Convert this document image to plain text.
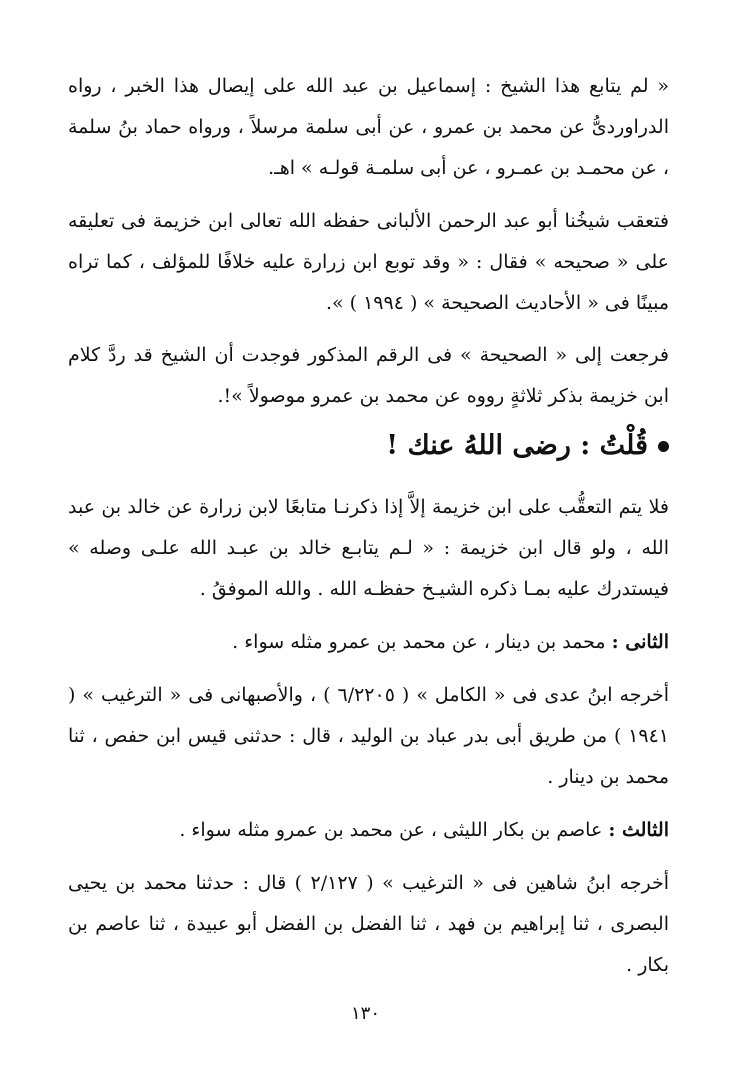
« لم يتابع هذا الشيخ : إسماعيل بن عبد الله على إيصال هذا الخبر ، رواه الدراوردىُّ عن محمد بن عمرو ، عن أبى سلمة مرسلاً ، ورواه حماد بنُ سلمة ، عن محمـد بن عمـرو ، عن أبى سلمـة قولـه » اهـ.

فتعقب شيخُنا أبو عبد الرحمن الألبانى حفظه الله تعالى ابن خزيمة فى تعليقه على « صحيحه » فقال : « وقد توبع ابن زرارة عليه خلافًا للمؤلف ، كما تراه مبينًا فى « الأحاديث الصحيحة » ( ١٩٩٤ ) ».

فرجعت إلى « الصحيحة » فى الرقم المذكور فوجدت أن الشيخ قد ردَّ كلام ابن خزيمة بذكر ثلاثةٍ رووه عن محمد بن عمرو موصولاً »!.

قُلْتُ : رضى اللهُ عنك !

فلا يتم التعقُّب على ابن خزيمة إلاَّ إذا ذكرنـا متابعًا لابن زرارة عن خالد بن عبد الله ، ولو قال ابن خزيمة : « لـم يتابـع خالد بن عبـد الله علـى وصله » فيستدرك عليه بمـا ذكره الشيـخ حفظـه الله . والله الموفقُ .

الثانى : محمد بن دينار ، عن محمد بن عمرو مثله سواء .

أخرجه ابنُ عدى فى « الكامل » ( ٦/٢٢٠٥ ) ، والأصبهانى فى « الترغيب » ( ١٩٤١ ) من طريق أبى بدر عباد بن الوليد ، قال : حدثنى قيس ابن حفص ، ثنا محمد بن دينار .

الثالث : عاصم بن بكار الليثى ، عن محمد بن عمرو مثله سواء .

أخرجه ابنُ شاهين فى « الترغيب » ( ٢/١٢٧ ) قال : حدثنا محمد بن يحيى البصرى ، ثنا إبراهيم بن فهد ، ثنا الفضل بن الفضل أبو عبيدة ، ثنا عاصم بن بكار .

١٣٠
